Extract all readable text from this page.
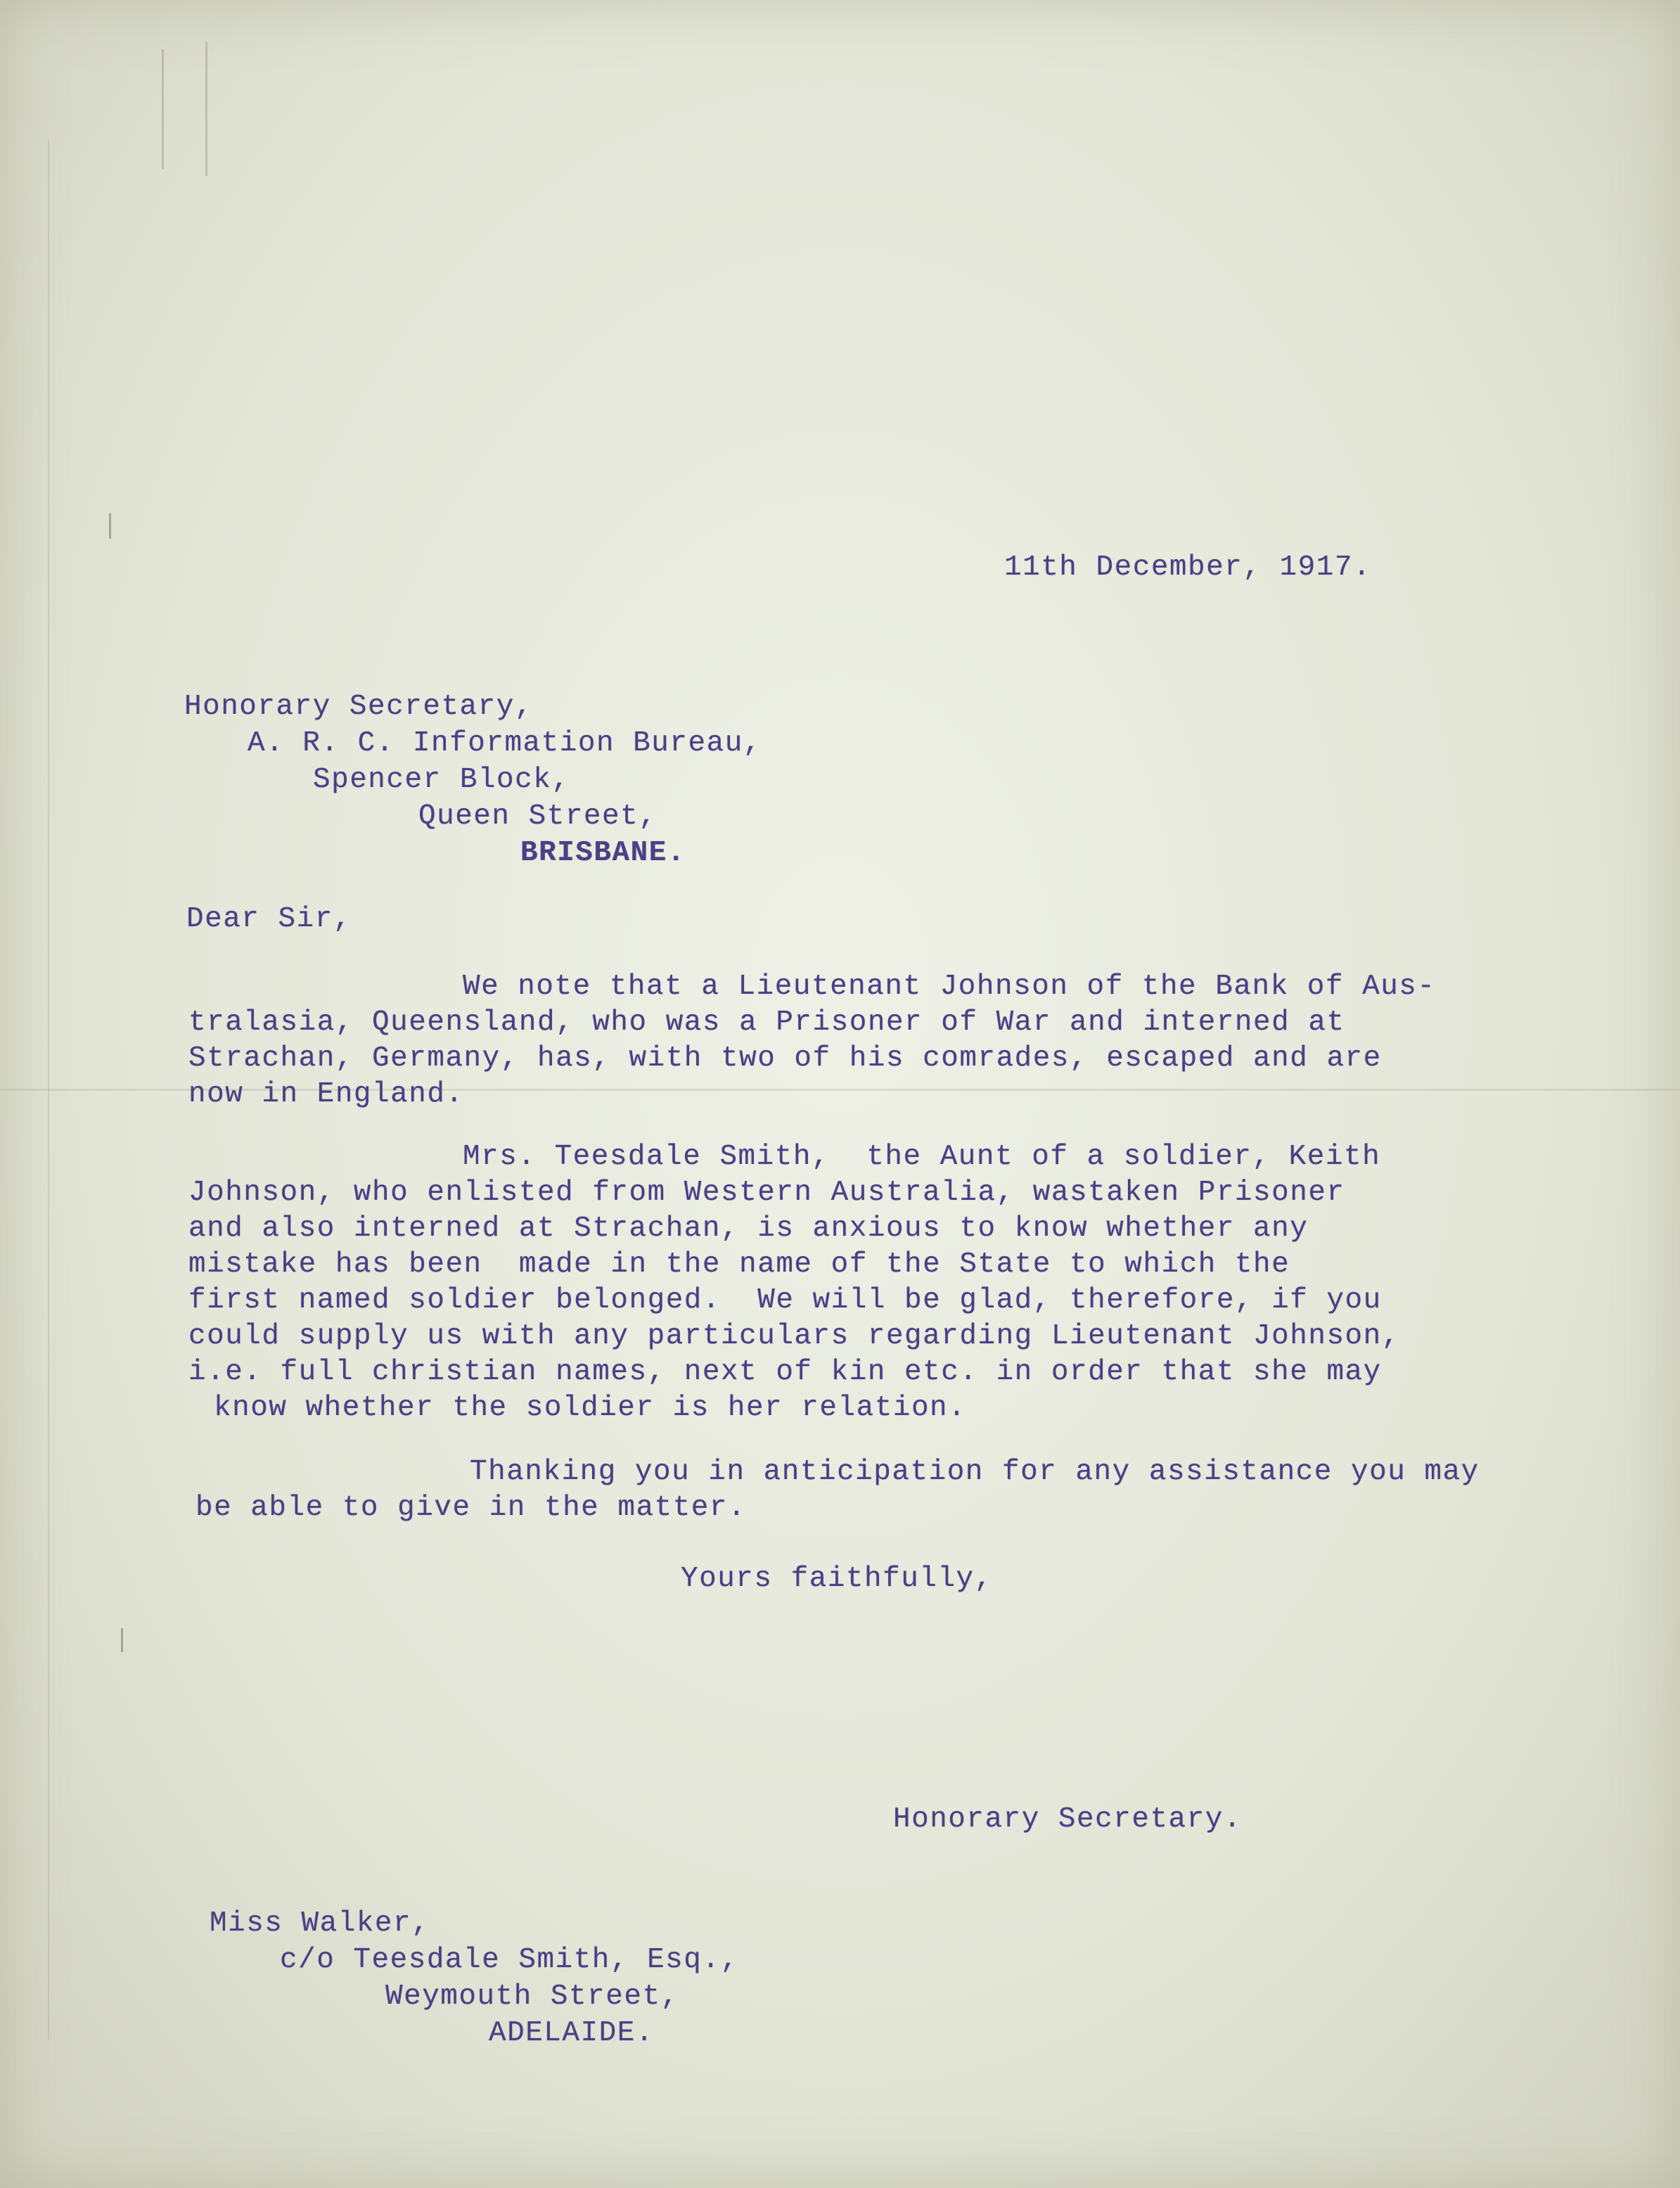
11th December, 1917.

Honorary Secretary,

A. R. C. Information Bureau,

Spencer Block,

Queen Street,

BRISBANE.

Dear Sir,

We note that a Lieutenant Johnson of the Bank of Aus-
tralasia, Queensland, who was a Prisoner of War and interned at
Strachan, Germany, has, with two of his comrades, escaped and are
now in England.
Mrs. Teesdale Smith,  the Aunt of a soldier, Keith
Johnson, who enlisted from Western Australia, wastaken Prisoner
and also interned at Strachan, is anxious to know whether any
mistake has been  made in the name of the State to which the
first named soldier belonged.  We will be glad, therefore, if you
could supply us with any particulars regarding Lieutenant Johnson,
i.e. full christian names, next of kin etc. in order that she may
know whether the soldier is her relation.
Thanking you in anticipation for any assistance you may
be able to give in the matter.

Yours faithfully,

Honorary Secretary.

Miss Walker,

c/o Teesdale Smith, Esq.,

Weymouth Street,

ADELAIDE.
